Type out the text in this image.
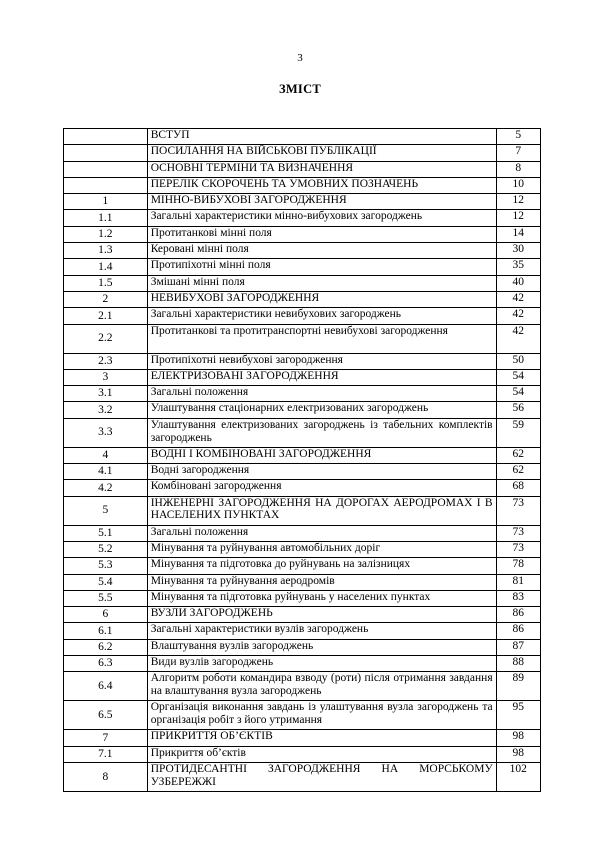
3
ЗМІСТ
	ВСТУП	5
	ПОСИЛАННЯ НА ВІЙСЬКОВІ ПУБЛІКАЦІЇ	7
	ОСНОВНІ ТЕРМІНИ ТА ВИЗНАЧЕННЯ	8
	ПЕРЕЛІК СКОРОЧЕНЬ ТА УМОВНИХ ПОЗНАЧЕНЬ	10
1	МІННО-ВИБУХОВІ ЗАГОРОДЖЕННЯ	12
1.1	Загальні характеристики мінно-вибухових загороджень	12
1.2	Протитанкові мінні поля	14
1.3	Керовані мінні поля	30
1.4	Протипіхотні мінні поля	35
1.5	Змішані мінні поля	40
2	НЕВИБУХОВІ ЗАГОРОДЖЕННЯ	42
2.1	Загальні характеристики невибухових загороджень	42
2.2	Протитанкові та протитранспортні невибухові загородження	42
2.3	Протипіхотні невибухові загородження	50
3	ЕЛЕКТРИЗОВАНІ ЗАГОРОДЖЕННЯ	54
3.1	Загальні положення	54
3.2	Улаштування стаціонарних електризованих загороджень	56
3.3	Улаштування електризованих загороджень із табельних комплектів загороджень	59
4	ВОДНІ І КОМБІНОВАНІ ЗАГОРОДЖЕННЯ	62
4.1	Водні загородження	62
4.2	Комбіновані загородження	68
5	ІНЖЕНЕРНІ ЗАГОРОДЖЕННЯ НА ДОРОГАХ АЕРОДРОМАХ І В НАСЕЛЕНИХ ПУНКТАХ	73
5.1	Загальні положення	73
5.2	Мінування та руйнування автомобільних доріг	73
5.3	Мінування та підготовка до руйнувань на залізницях	78
5.4	Мінування та руйнування аеродромів	81
5.5	Мінування та підготовка руйнувань у населених пунктах	83
6	ВУЗЛИ ЗАГОРОДЖЕНЬ	86
6.1	Загальні характеристики вузлів загороджень	86
6.2	Влаштування вузлів загороджень	87
6.3	Види вузлів загороджень	88
6.4	Алгоритм роботи командира взводу (роти) після отримання завдання на влаштування вузла загороджень	89
6.5	Організація виконання завдань із улаштування вузла загороджень та організація робіт з його утримання	95
7	ПРИКРИТТЯ ОБ’ЄКТІВ	98
7.1	Прикриття об’єктів	98
8	ПРОТИДЕСАНТНІ ЗАГОРОДЖЕННЯ НА МОРСЬКОМУ УЗБЕРЕЖЖІ	102
